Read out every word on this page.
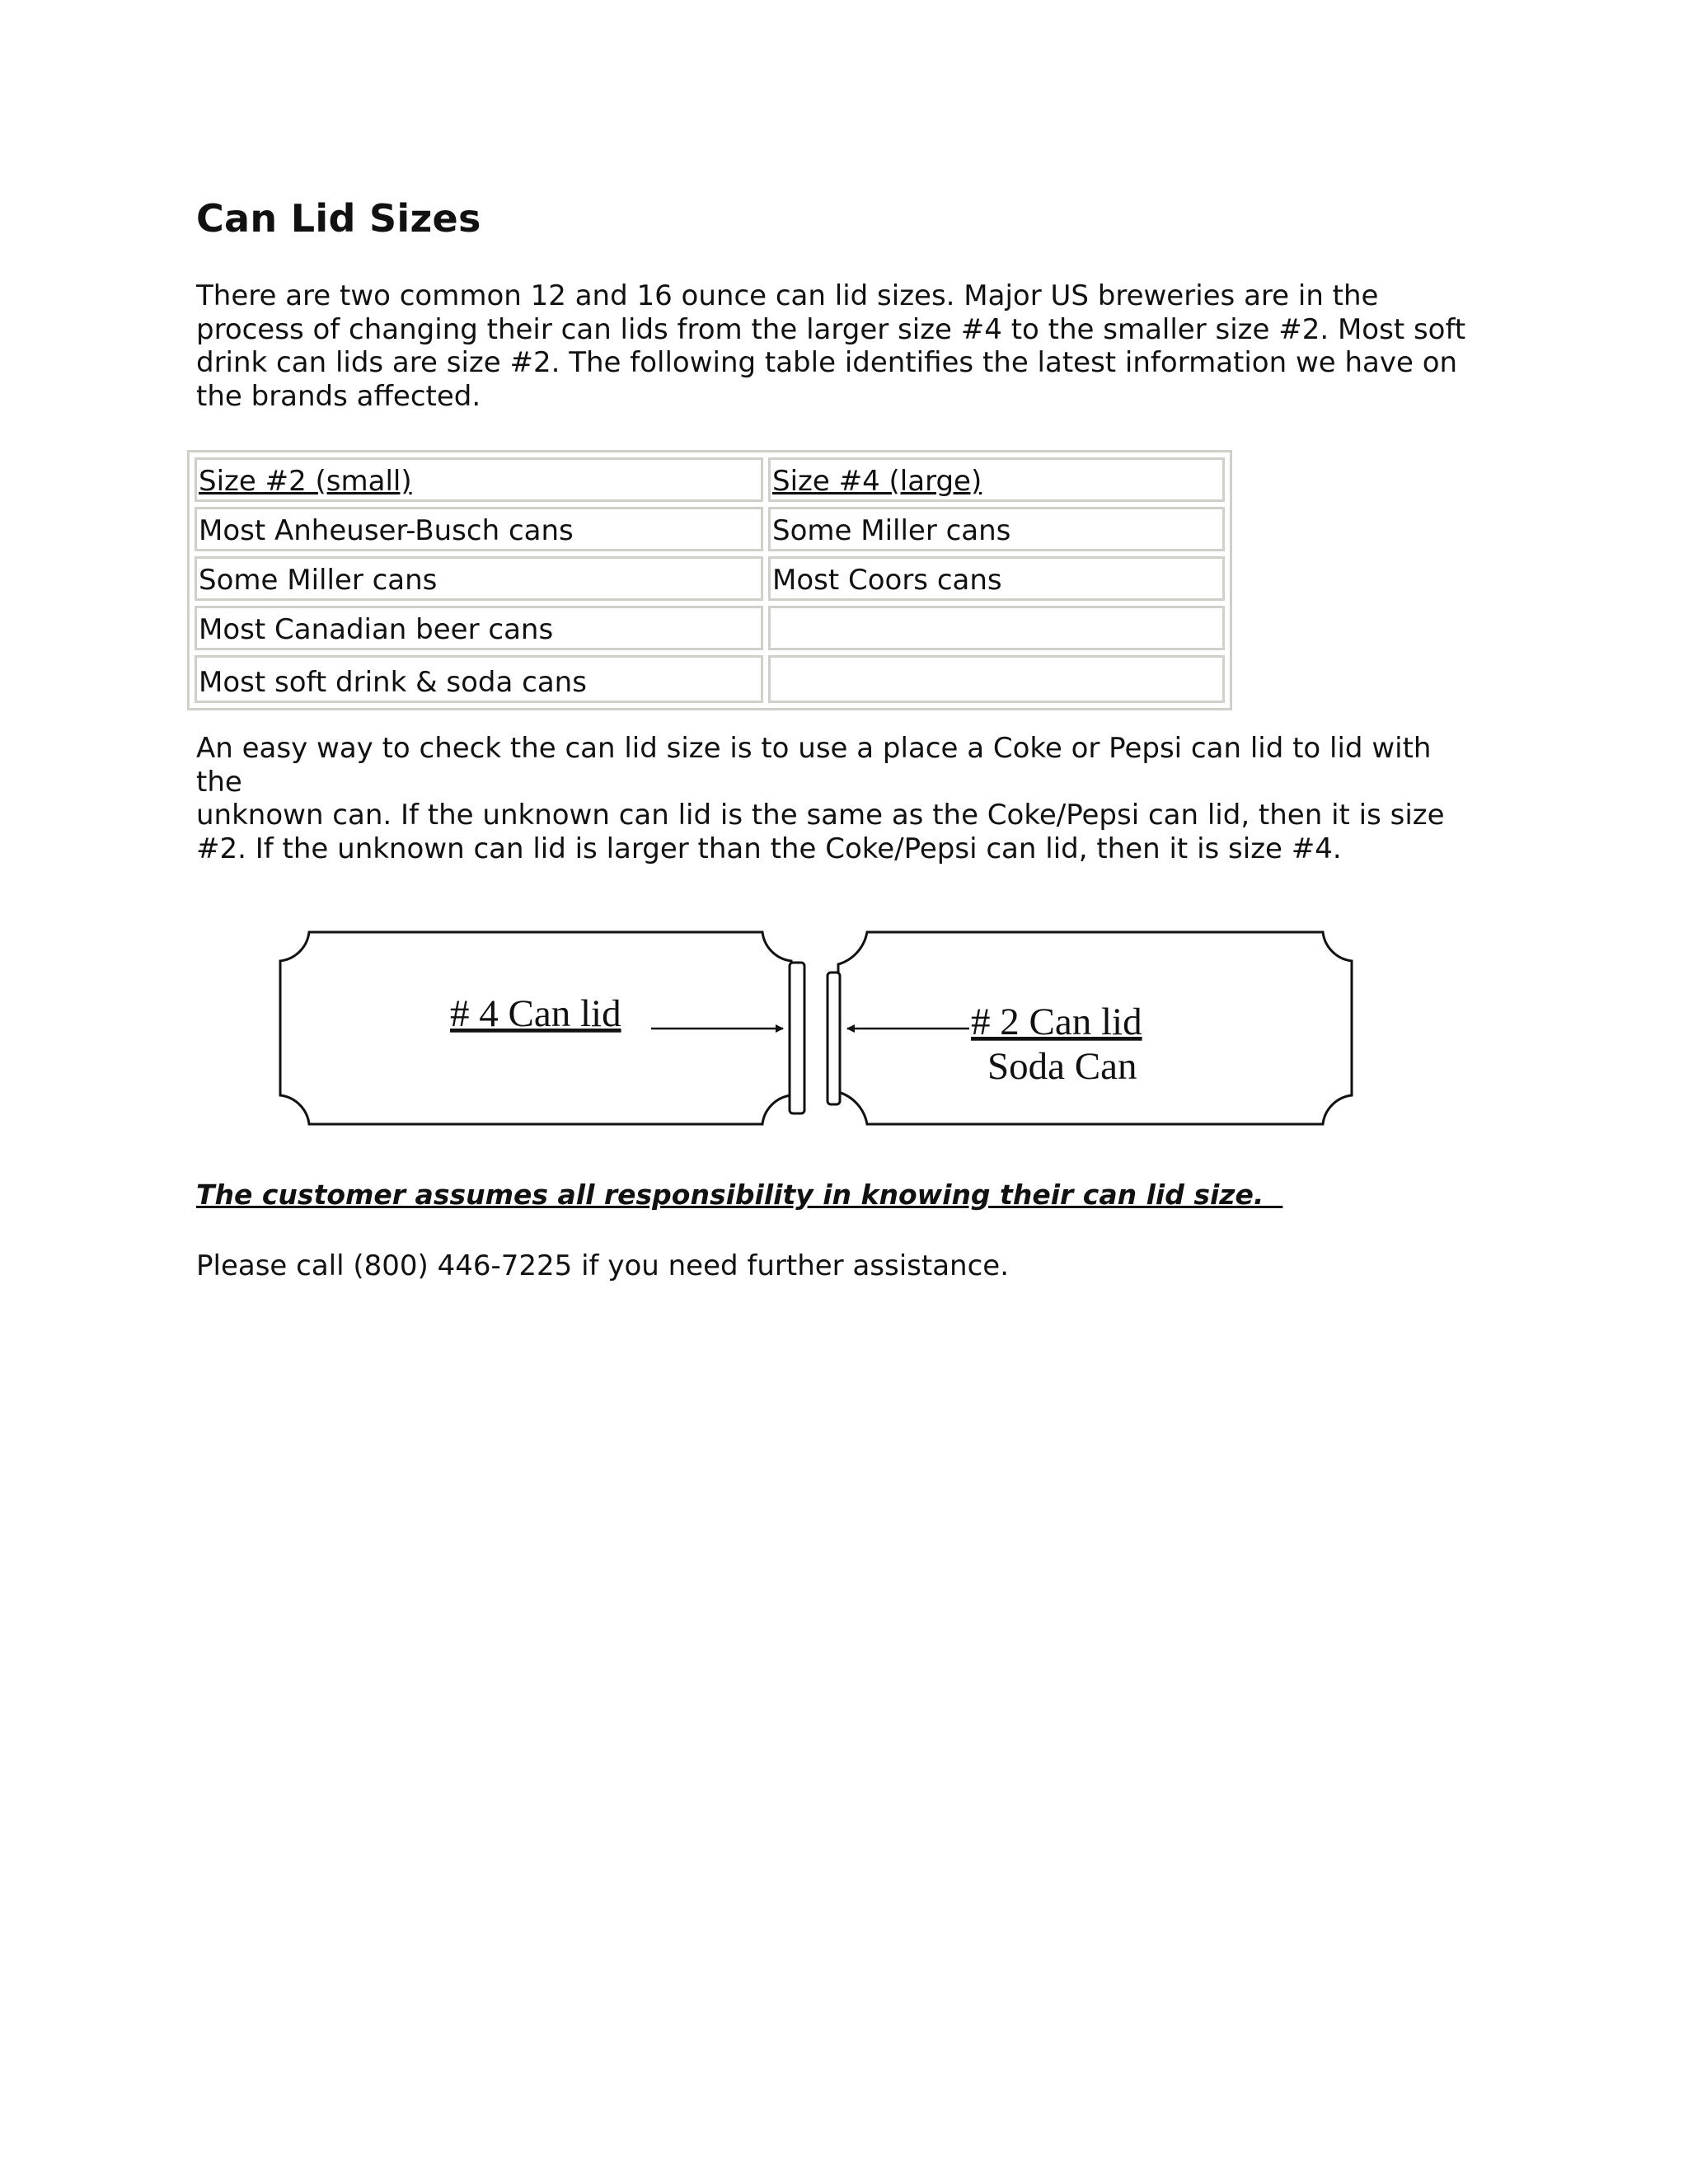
Can Lid Sizes

There are two common 12 and 16 ounce can lid sizes. Major US breweries are in the
process of changing their can lids from the larger size #4 to the smaller size #2. Most soft
drink can lids are size #2. The following table identifies the latest information we have on
the brands affected.

Size #2 (small)	Size #4 (large)
Most Anheuser-Busch cans	Some Miller cans
Some Miller cans	Most Coors cans
Most Canadian beer cans	
Most soft drink & soda cans	

An easy way to check the can lid size is to use a place a Coke or Pepsi can lid to lid with the
unknown can. If the unknown can lid is the same as the Coke/Pepsi can lid, then it is size
#2. If the unknown can lid is larger than the Coke/Pepsi can lid, then it is size #4.

# 4 Can lid	# 2 Can lid
Soda Can

The customer assumes all responsibility in knowing their can lid size.

Please call (800) 446-7225 if you need further assistance.
